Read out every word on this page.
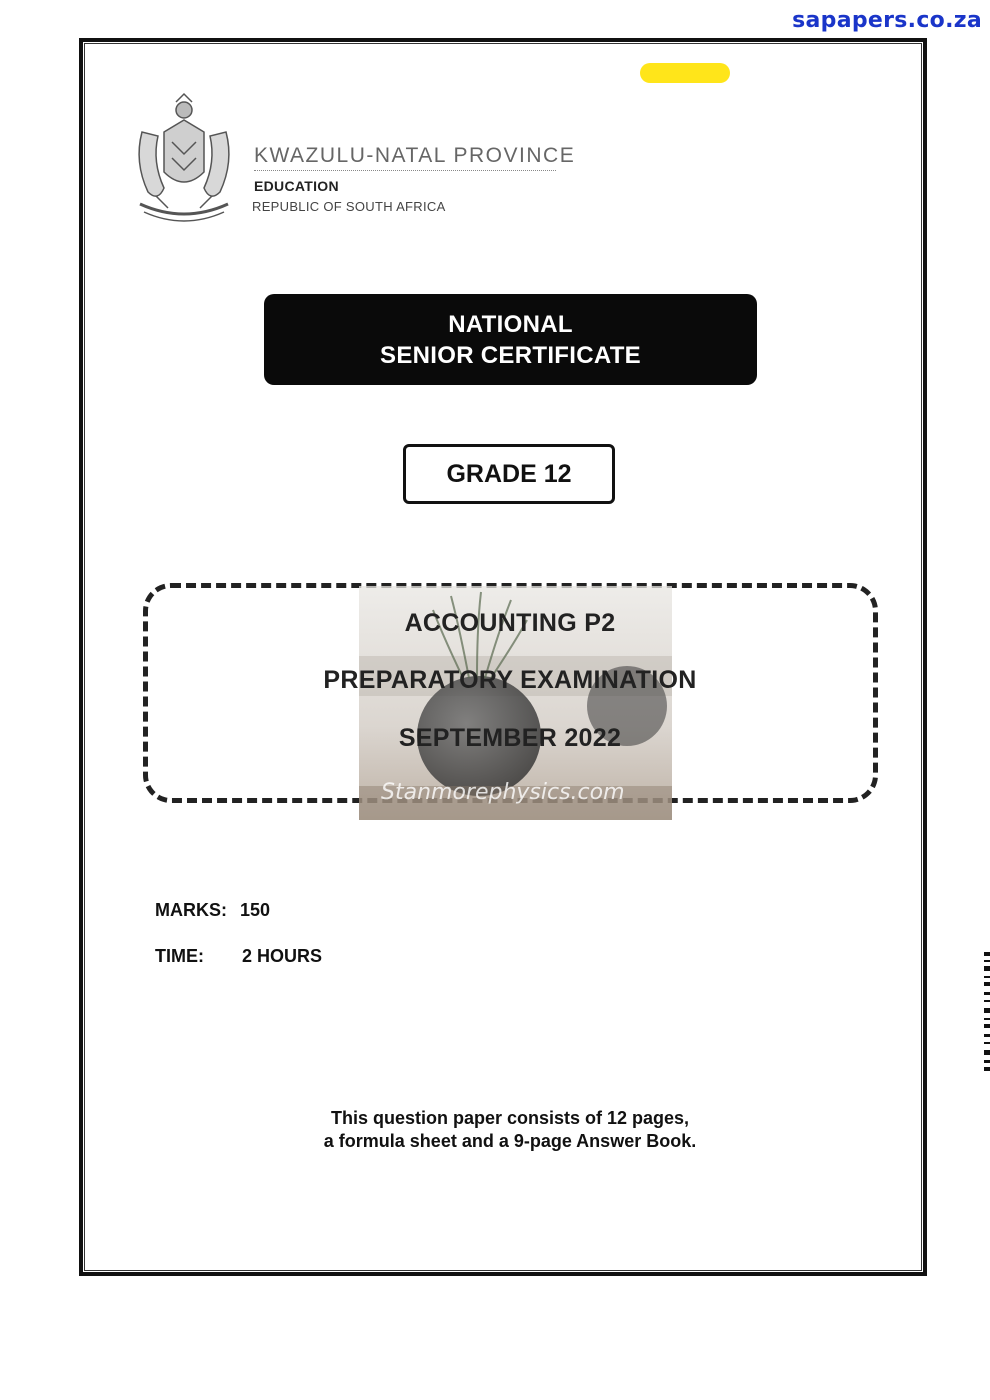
sapapers.co.za
KWAZULU-NATAL PROVINCE
EDUCATION
REPUBLIC OF SOUTH AFRICA
NATIONAL
SENIOR CERTIFICATE
GRADE 12
Stanmorephysics.com
ACCOUNTING P2
PREPARATORY EXAMINATION
SEPTEMBER 2022
MARKS: 150
TIME: 2 HOURS
This question paper consists of 12 pages,
a formula sheet and a 9-page Answer Book.
